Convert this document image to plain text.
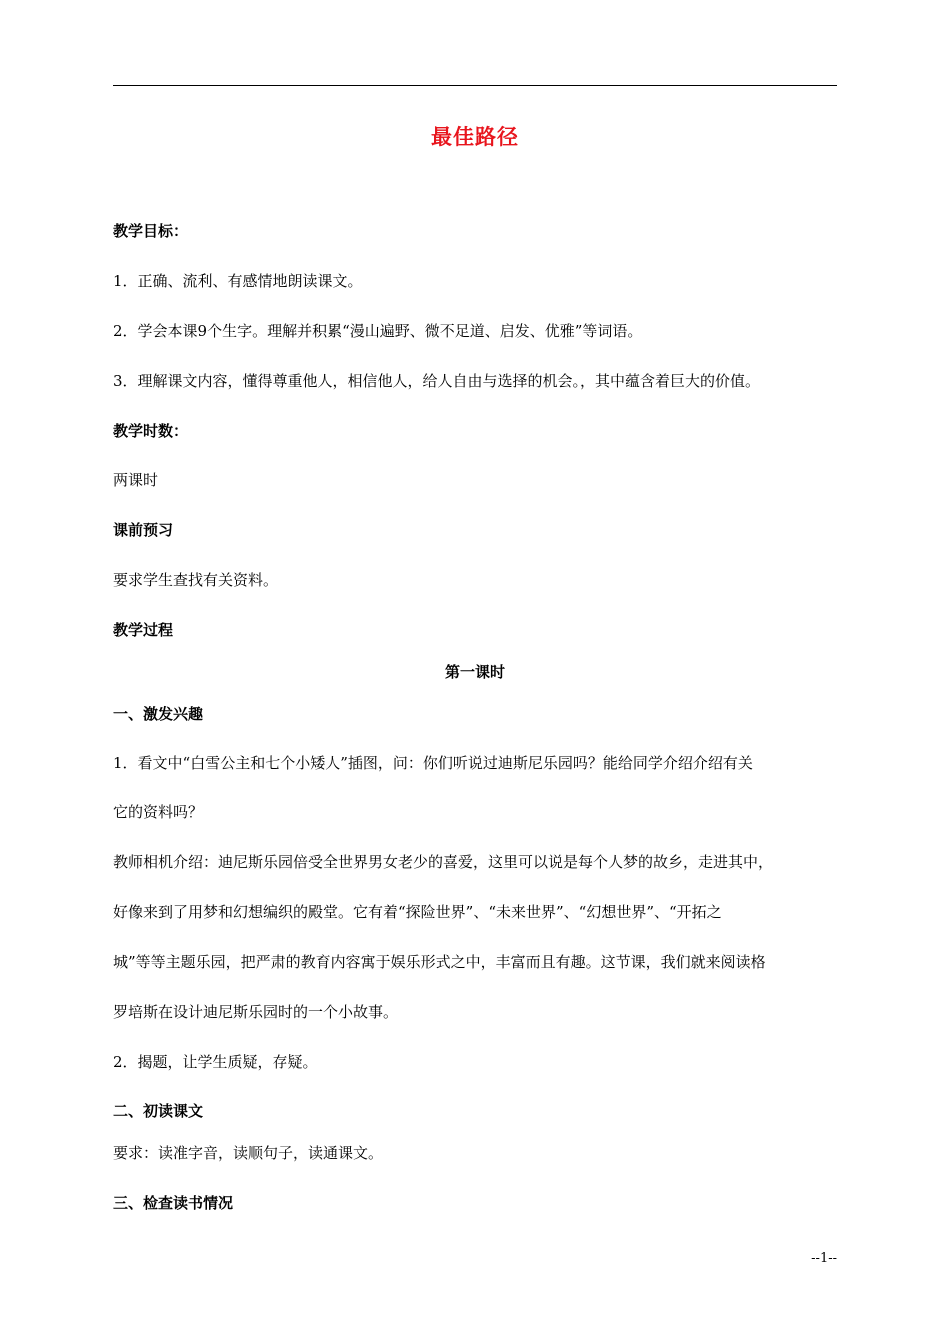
最佳路径
教学目标：
1．正确、流利、有感情地朗读课文。
2．学会本课9个生字。理解并积累“漫山遍野、微不足道、启发、优雅”等词语。
3．理解课文内容，懂得尊重他人，相信他人，给人自由与选择的机会。，其中蕴含着巨大的价值。
教学时数：
两课时
课前预习
要求学生查找有关资料。
教学过程
第一课时
一、激发兴趣
1．看文中“白雪公主和七个小矮人”插图，问：你们听说过迪斯尼乐园吗？能给同学介绍介绍有关
它的资料吗？
教师相机介绍：迪尼斯乐园倍受全世界男女老少的喜爱，这里可以说是每个人梦的故乡，走进其中，
好像来到了用梦和幻想编织的殿堂。它有着“探险世界”、“未来世界”、“幻想世界”、“开拓之
城”等等主题乐园，把严肃的教育内容寓于娱乐形式之中，丰富而且有趣。这节课，我们就来阅读格
罗培斯在设计迪尼斯乐园时的一个小故事。
2．揭题，让学生质疑，存疑。
二、初读课文
要求：读准字音，读顺句子，读通课文。
三、检查读书情况
--1--
